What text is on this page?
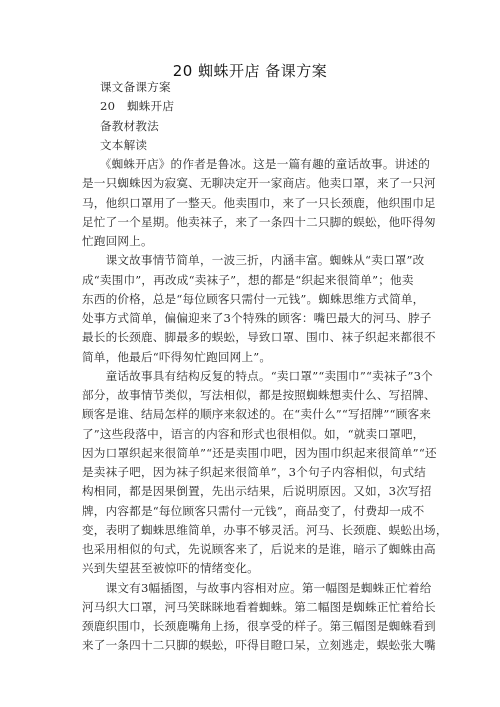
20 蜘蛛开店 备课方案
课文备课方案
20　蜘蛛开店
备教材教法
文本解读
　　《蜘蛛开店》的作者是鲁冰。这是一篇有趣的童话故事。讲述的
是一只蜘蛛因为寂寞、无聊决定开一家商店。他卖口罩，来了一只河
马，他织口罩用了一整天。他卖围巾，来了一只长颈鹿，他织围巾足
足忙了一个星期。他卖袜子，来了一条四十二只脚的蜈蚣，他吓得匆
忙跑回网上。
　　课文故事情节简单，一波三折，内涵丰富。蜘蛛从“卖口罩”改
成“卖围巾”，再改成“卖袜子”，想的都是“织起来很简单”；他卖
东西的价格，总是“每位顾客只需付一元钱”。蜘蛛思维方式简单，
处事方式简单，偏偏迎来了3个特殊的顾客：嘴巴最大的河马、脖子
最长的长颈鹿、脚最多的蜈蚣，导致口罩、围巾、袜子织起来都很不
简单，他最后“吓得匆忙跑回网上”。
　　童话故事具有结构反复的特点。“卖口罩”“卖围巾”“卖袜子”3个
部分，故事情节类似，写法相似，都是按照蜘蛛想卖什么、写招牌、
顾客是谁、结局怎样的顺序来叙述的。在“卖什么”“写招牌”“顾客来
了”这些段落中，语言的内容和形式也很相似。如，“就卖口罩吧，
因为口罩织起来很简单”“还是卖围巾吧，因为围巾织起来很简单”“还
是卖袜子吧，因为袜子织起来很简单”，3个句子内容相似，句式结
构相同，都是因果倒置，先出示结果，后说明原因。又如，3次写招
牌，内容都是“每位顾客只需付一元钱”，商品变了，付费却一成不
变，表明了蜘蛛思维简单，办事不够灵活。河马、长颈鹿、蜈蚣出场，
也采用相似的句式，先说顾客来了，后说来的是谁，暗示了蜘蛛由高
兴到失望甚至被惊吓的情绪变化。
　　课文有3幅插图，与故事内容相对应。第一幅图是蜘蛛正忙着给
河马织大口罩，河马笑眯眯地看着蜘蛛。第二幅图是蜘蛛正忙着给长
颈鹿织围巾，长颈鹿嘴角上扬，很享受的样子。第三幅图是蜘蛛看到
来了一条四十二只脚的蜈蚣，吓得目瞪口呆，立刻逃走，蜈蚣张大嘴
